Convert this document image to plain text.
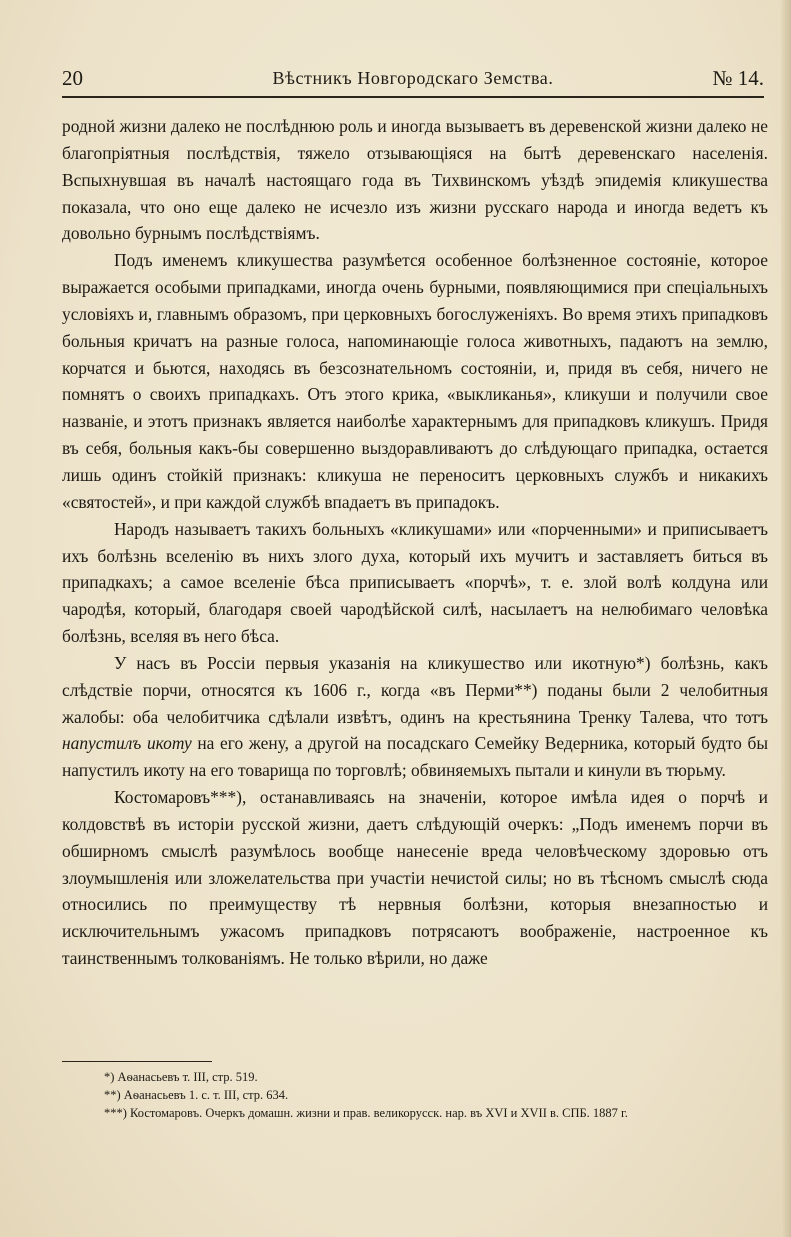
20	Вѣстникъ Новгородскаго Земства.	№ 14.

родной жизни далеко не послѣднюю роль и иногда вызываетъ въ деревенской жизни далеко не благопріятныя послѣдствія, тяжело отзывающіяся на бытѣ деревенскаго населенія. Вспыхнувшая въ началѣ настоящаго года въ Тихвинскомъ уѣздѣ эпидемія кликушества показала, что оно еще далеко не исчезло изъ жизни русскаго народа и иногда ведетъ къ довольно бурнымъ послѣдствіямъ.

Подъ именемъ кликушества разумѣется особенное болѣзненное состояніе, которое выражается особыми припадками, иногда очень бурными, появляющимися при спеціальныхъ условіяхъ и, главнымъ образомъ, при церковныхъ богослуженіяхъ. Во время этихъ припадковъ больныя кричатъ на разные голоса, напоминающіе голоса животныхъ, падаютъ на землю, корчатся и бьются, находясь въ безсознательномъ состояніи, и, придя въ себя, ничего не помнятъ о своихъ припадкахъ. Отъ этого крика, «выкликанья», кликуши и получили свое названіе, и этотъ признакъ является наиболѣе характернымъ для припадковъ кликушъ. Придя въ себя, больныя какъ-бы совершенно выздоравливаютъ до слѣдующаго припадка, остается лишь одинъ стойкій признакъ: кликуша не переноситъ церковныхъ службъ и никакихъ «святостей», и при каждой службѣ впадаетъ въ припадокъ.

Народъ называетъ такихъ больныхъ «кликушами» или «порченными» и приписываетъ ихъ болѣзнь вселенію въ нихъ злого духа, который ихъ мучитъ и заставляетъ биться въ припадкахъ; а самое вселеніе бѣса приписываетъ «порчѣ», т. е. злой волѣ колдуна или чародѣя, который, благодаря своей чародѣйской силѣ, насылаетъ на нелюбимаго человѣка болѣзнь, вселяя въ него бѣса.

У насъ въ Россіи первыя указанія на кликушество или икотную*) болѣзнь, какъ слѣдствіе порчи, относятся къ 1606 г., когда «въ Перми**) поданы были 2 челобитныя жалобы: оба челобитчика сдѣлали извѣтъ, одинъ на крестьянина Тренку Талева, что тотъ напустилъ икоту на его жену, а другой на посадскаго Семейку Ведерника, который будто бы напустилъ икоту на его товарища по торговлѣ; обвиняемыхъ пытали и кинули въ тюрьму.

Костомаровъ***), останавливаясь на значеніи, которое имѣла идея о порчѣ и колдовствѣ въ исторіи русской жизни, даетъ слѣдующій очеркъ: „Подъ именемъ порчи въ обширномъ смыслѣ разумѣлось вообще нанесеніе вреда человѣческому здоровью отъ злоумышленія или зложелательства при участіи нечистой силы; но въ тѣсномъ смыслѣ сюда относились по преимуществу тѣ нервныя болѣзни, которыя внезапностью и исключительнымъ ужасомъ припадковъ потрясаютъ воображеніе, настроенное къ таинственнымъ толкованіямъ. Не только вѣрили, но даже

*) Аѳанасьевъ т. III, стр. 519.
**) Аѳанасьевъ 1. с. т. III, стр. 634.
***) Костомаровъ. Очеркъ домашн. жизни и прав. великорусск. нар. въ XVI и XVII в. СПБ. 1887 г.
